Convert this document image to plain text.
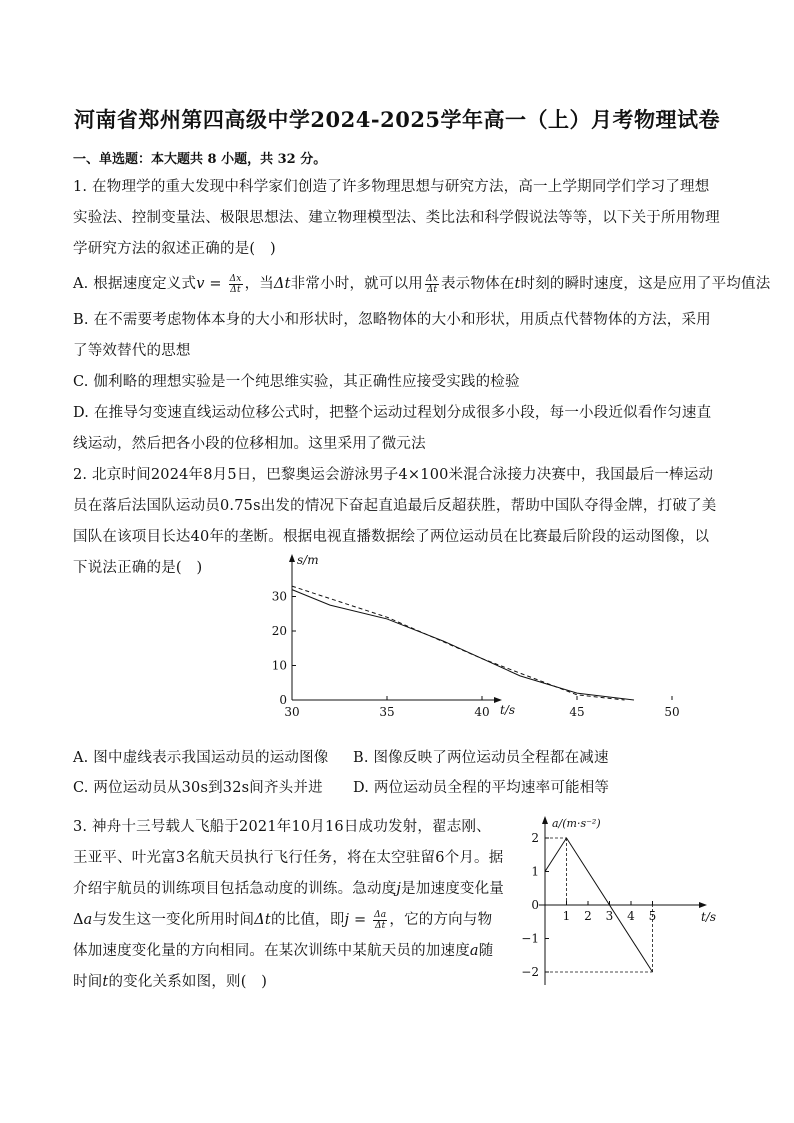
河南省郑州第四高级中学2024-2025学年高一（上）月考物理试卷
一、单选题：本大题共 8 小题，共 32 分。
1. 在物理学的重大发现中科学家们创造了许多物理思想与研究方法，高一上学期同学们学习了理想实验法、控制变量法、极限思想法、建立物理模型法、类比法和科学假说法等等，以下关于所用物理学研究方法的叙述正确的是(　)
A. 根据速度定义式$v = \frac{\Delta x}{\Delta t}$ ，当Δt非常小时，就可以用 $\frac{\Delta x}{\Delta t}$ 表示物体在t时刻的瞬时速度，这是应用了平均值法
B. 在不需要考虑物体本身的大小和形状时，忽略物体的大小和形状，用质点代替物体的方法，采用了等效替代的思想
C. 伽利略的理想实验是一个纯思维实验，其正确性应接受实践的检验
D. 在推导匀变速直线运动位移公式时，把整个运动过程划分成很多小段，每一小段近似看作匀速直线运动，然后把各小段的位移相加。这里采用了微元法
2. 北京时间2024年8月5日，巴黎奥运会游泳男子4×100米混合泳接力决赛中，我国最后一棒运动员在落后法国队运动员0.75s出发的情况下奋起直追最后反超获胜，帮助中国队夺得金牌，打破了美国队在该项目长达40年的垄断。根据电视直播数据绘了两位运动员在比赛最后阶段的运动图像，以下说法正确的是(　)
30	35	40	45	50
0
10
20
30
t/s
s/m
A. 图中虚线表示我国运动员的运动图像 B. 图像反映了两位运动员全程都在减速
C. 两位运动员从30s到32s间齐头并进 D. 两位运动员全程的平均速率可能相等
3. 神舟十三号载人飞船于2021年10月16日成功发射，翟志刚、王亚平、叶光富3名航天员执行飞行任务，将在太空驻留6个月。据介绍宇航员的训练项目包括急动度的训练。急动度j是加速度变化量Δa与发生这一变化所用时间Δt的比值，即$j = \frac{\Delta a}{\Delta t}$ ，它的方向与物体加速度变化量的方向相同。在某次训练中某航天员的加速度a随时间t的变化关系如图，则(　)
1 2 3 4 5
2
1
0
−1
−2
t/s
a/(m·s⁻²)
